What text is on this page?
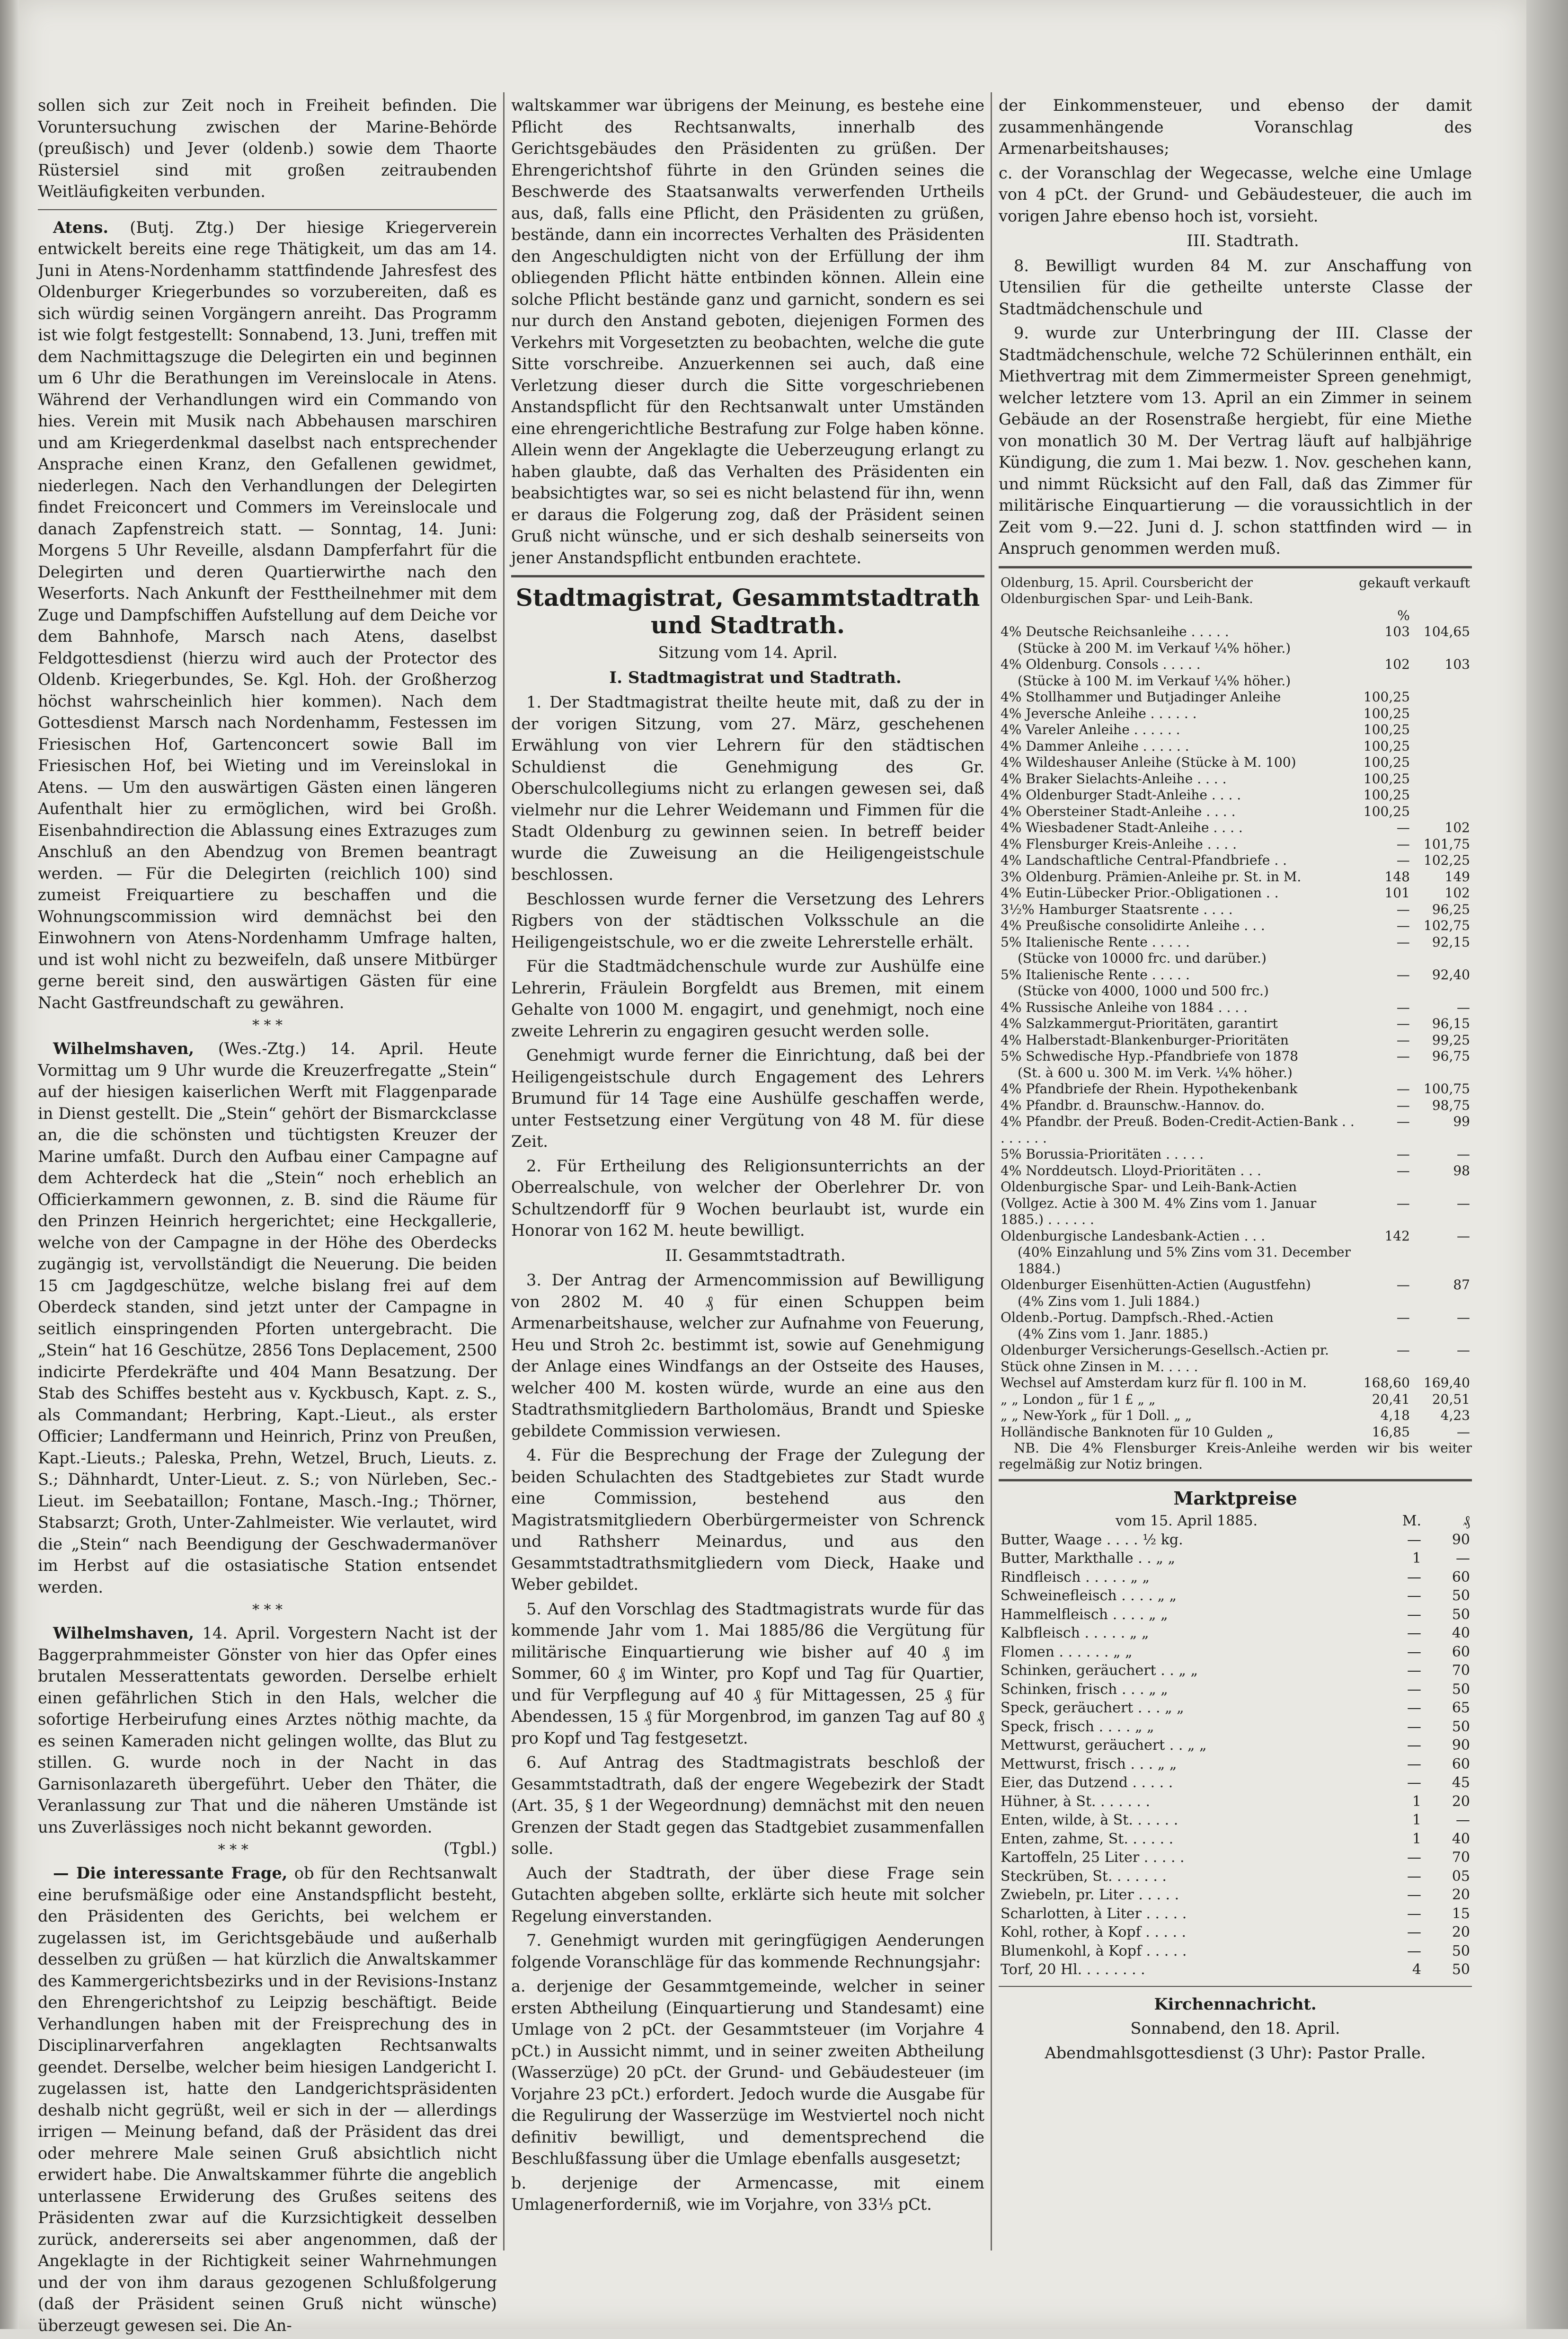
sollen sich zur Zeit noch in Freiheit befinden. Die Voruntersuchung zwischen der Marine-Behörde (preußisch) und Jever (oldenb.) sowie dem Thaorte Rüstersiel sind mit großen zeitraubenden Weitläufigkeiten verbunden.

Atens. (Butj. Ztg.) Der hiesige Kriegerverein entwickelt bereits eine rege Thätigkeit, um das am 14. Juni in Atens-Nordenhamm stattfindende Jahresfest des Oldenburger Kriegerbundes so vorzubereiten, daß es sich würdig seinen Vorgängern anreiht. Das Programm ist wie folgt festgestellt: Sonnabend, 13. Juni, treffen mit dem Nachmittagszuge die Delegirten ein und beginnen um 6 Uhr die Berathungen im Vereinslocale in Atens. Während der Verhandlungen wird ein Commando von hies. Verein mit Musik nach Abbehausen marschiren und am Kriegerdenkmal daselbst nach entsprechender Ansprache einen Kranz, den Gefallenen gewidmet, niederlegen. Nach den Verhandlungen der Delegirten findet Freiconcert und Commers im Vereinslocale und danach Zapfenstreich statt. — Sonntag, 14. Juni: Morgens 5 Uhr Reveille, alsdann Dampferfahrt für die Delegirten und deren Quartierwirthe nach den Weserforts. Nach Ankunft der Festtheilnehmer mit dem Zuge und Dampfschiffen Aufstellung auf dem Deiche vor dem Bahnhofe, Marsch nach Atens, daselbst Feldgottesdienst (hierzu wird auch der Protector des Oldenb. Kriegerbundes, Se. Kgl. Hoh. der Großherzog höchst wahrscheinlich hier kommen). Nach dem Gottesdienst Marsch nach Nordenhamm, Festessen im Friesischen Hof, Gartenconcert sowie Ball im Friesischen Hof, bei Wieting und im Vereinslokal in Atens. — Um den auswärtigen Gästen einen längeren Aufenthalt hier zu ermöglichen, wird bei Großh. Eisenbahndirection die Ablassung eines Extrazuges zum Anschluß an den Abendzug von Bremen beantragt werden. — Für die Delegirten (reichlich 100) sind zumeist Freiquartiere zu beschaffen und die Wohnungscommission wird demnächst bei den Einwohnern von Atens-Nordenhamm Umfrage halten, und ist wohl nicht zu bezweifeln, daß unsere Mitbürger gerne bereit sind, den auswärtigen Gästen für eine Nacht Gastfreundschaft zu gewähren.

* * *

Wilhelmshaven, (Wes.-Ztg.) 14. April. Heute Vormittag um 9 Uhr wurde die Kreuzerfregatte „Stein“ auf der hiesigen kaiserlichen Werft mit Flaggenparade in Dienst gestellt. Die „Stein“ gehört der Bismarckclasse an, die die schönsten und tüchtigsten Kreuzer der Marine umfaßt. Durch den Aufbau einer Campagne auf dem Achterdeck hat die „Stein“ noch erheblich an Officierkammern gewonnen, z. B. sind die Räume für den Prinzen Heinrich hergerichtet; eine Heckgallerie, welche von der Campagne in der Höhe des Oberdecks zugängig ist, vervollständigt die Neuerung. Die beiden 15 cm Jagdgeschütze, welche bislang frei auf dem Oberdeck standen, sind jetzt unter der Campagne in seitlich einspringenden Pforten untergebracht. Die „Stein“ hat 16 Geschütze, 2856 Tons Deplacement, 2500 indicirte Pferdekräfte und 404 Mann Besatzung. Der Stab des Schiffes besteht aus v. Kyckbusch, Kapt. z. S., als Commandant; Herbring, Kapt.-Lieut., als erster Officier; Landfermann und Heinrich, Prinz von Preußen, Kapt.-Lieuts.; Paleska, Prehn, Wetzel, Bruch, Lieuts. z. S.; Dähnhardt, Unter-Lieut. z. S.; von Nürleben, Sec.-Lieut. im Seebataillon; Fontane, Masch.-Ing.; Thörner, Stabsarzt; Groth, Unter-Zahlmeister. Wie verlautet, wird die „Stein“ nach Beendigung der Geschwadermanöver im Herbst auf die ostasiatische Station entsendet werden.

* * *

Wilhelmshaven, 14. April. Vorgestern Nacht ist der Baggerprahmmeister Gönster von hier das Opfer eines brutalen Messerattentats geworden. Derselbe erhielt einen gefährlichen Stich in den Hals, welcher die sofortige Herbeirufung eines Arztes nöthig machte, da es seinen Kameraden nicht gelingen wollte, das Blut zu stillen. G. wurde noch in der Nacht in das Garnisonlazareth übergeführt. Ueber den Thäter, die Veranlassung zur That und die näheren Umstände ist uns Zuverlässiges noch nicht bekannt geworden.
(Tgbl.)

* * *

— Die interessante Frage, ob für den Rechtsanwalt eine berufsmäßige oder eine Anstandspflicht besteht, den Präsidenten des Gerichts, bei welchem er zugelassen ist, im Gerichtsgebäude und außerhalb desselben zu grüßen — hat kürzlich die Anwaltskammer des Kammergerichtsbezirks und in der Revisions-Instanz den Ehrengerichtshof zu Leipzig beschäftigt. Beide Verhandlungen haben mit der Freisprechung des in Disciplinarverfahren angeklagten Rechtsanwalts geendet. Derselbe, welcher beim hiesigen Landgericht I. zugelassen ist, hatte den Landgerichtspräsidenten deshalb nicht gegrüßt, weil er sich in der — allerdings irrigen — Meinung befand, daß der Präsident das drei oder mehrere Male seinen Gruß absichtlich nicht erwidert habe. Die Anwaltskammer führte die angeblich unterlassene Erwiderung des Grußes seitens des Präsidenten zwar auf die Kurzsichtigkeit desselben zurück, andererseits sei aber angenommen, daß der Angeklagte in der Richtigkeit seiner Wahrnehmungen und der von ihm daraus gezogenen Schlußfolgerung (daß der Präsident seinen Gruß nicht wünsche) überzeugt gewesen sei. Die An-

waltskammer war übrigens der Meinung, es bestehe eine Pflicht des Rechtsanwalts, innerhalb des Gerichtsgebäudes den Präsidenten zu grüßen. Der Ehrengerichtshof führte in den Gründen seines die Beschwerde des Staatsanwalts verwerfenden Urtheils aus, daß, falls eine Pflicht, den Präsidenten zu grüßen, bestände, dann ein incorrectes Verhalten des Präsidenten den Angeschuldigten nicht von der Erfüllung der ihm obliegenden Pflicht hätte entbinden können. Allein eine solche Pflicht bestände ganz und garnicht, sondern es sei nur durch den Anstand geboten, diejenigen Formen des Verkehrs mit Vorgesetzten zu beobachten, welche die gute Sitte vorschreibe. Anzuerkennen sei auch, daß eine Verletzung dieser durch die Sitte vorgeschriebenen Anstandspflicht für den Rechtsanwalt unter Umständen eine ehrengerichtliche Bestrafung zur Folge haben könne. Allein wenn der Angeklagte die Ueberzeugung erlangt zu haben glaubte, daß das Verhalten des Präsidenten ein beabsichtigtes war, so sei es nicht belastend für ihn, wenn er daraus die Folgerung zog, daß der Präsident seinen Gruß nicht wünsche, und er sich deshalb seinerseits von jener Anstandspflicht entbunden erachtete.

Stadtmagistrat, Gesammtstadtrath und Stadtrath.

Sitzung vom 14. April.

I. Stadtmagistrat und Stadtrath.

1. Der Stadtmagistrat theilte heute mit, daß zu der in der vorigen Sitzung, vom 27. März, geschehenen Erwählung von vier Lehrern für den städtischen Schuldienst die Genehmigung des Gr. Oberschulcollegiums nicht zu erlangen gewesen sei, daß vielmehr nur die Lehrer Weidemann und Fimmen für die Stadt Oldenburg zu gewinnen seien. In betreff beider wurde die Zuweisung an die Heiligengeistschule beschlossen.

Beschlossen wurde ferner die Versetzung des Lehrers Rigbers von der städtischen Volksschule an die Heiligengeistschule, wo er die zweite Lehrerstelle erhält.

Für die Stadtmädchenschule wurde zur Aushülfe eine Lehrerin, Fräulein Borgfeldt aus Bremen, mit einem Gehalte von 1000 M. engagirt, und genehmigt, noch eine zweite Lehrerin zu engagiren gesucht werden solle.

Genehmigt wurde ferner die Einrichtung, daß bei der Heiligengeistschule durch Engagement des Lehrers Brumund für 14 Tage eine Aushülfe geschaffen werde, unter Festsetzung einer Vergütung von 48 M. für diese Zeit.

2. Für Ertheilung des Religionsunterrichts an der Oberrealschule, von welcher der Oberlehrer Dr. von Schultzendorff für 9 Wochen beurlaubt ist, wurde ein Honorar von 162 M. heute bewilligt.

II. Gesammtstadtrath.

3. Der Antrag der Armencommission auf Bewilligung von 2802 M. 40 ₰ für einen Schuppen beim Armenarbeitshause, welcher zur Aufnahme von Feuerung, Heu und Stroh 2c. bestimmt ist, sowie auf Genehmigung der Anlage eines Windfangs an der Ostseite des Hauses, welcher 400 M. kosten würde, wurde an eine aus den Stadtrathsmitgliedern Bartholomäus, Brandt und Spieske gebildete Commission verwiesen.

4. Für die Besprechung der Frage der Zulegung der beiden Schulachten des Stadtgebietes zur Stadt wurde eine Commission, bestehend aus den Magistratsmitgliedern Oberbürgermeister von Schrenck und Rathsherr Meinardus, und aus den Gesammtstadtrathsmitgliedern vom Dieck, Haake und Weber gebildet.

5. Auf den Vorschlag des Stadtmagistrats wurde für das kommende Jahr vom 1. Mai 1885/86 die Vergütung für militärische Einquartierung wie bisher auf 40 ₰ im Sommer, 60 ₰ im Winter, pro Kopf und Tag für Quartier, und für Verpflegung auf 40 ₰ für Mittagessen, 25 ₰ für Abendessen, 15 ₰ für Morgenbrod, im ganzen Tag auf 80 ₰ pro Kopf und Tag festgesetzt.

6. Auf Antrag des Stadtmagistrats beschloß der Gesammtstadtrath, daß der engere Wegebezirk der Stadt (Art. 35, § 1 der Wegeordnung) demnächst mit den neuen Grenzen der Stadt gegen das Stadtgebiet zusammenfallen solle.

Auch der Stadtrath, der über diese Frage sein Gutachten abgeben sollte, erklärte sich heute mit solcher Regelung einverstanden.

7. Genehmigt wurden mit geringfügigen Aenderungen folgende Voranschläge für das kommende Rechnungsjahr:

a. derjenige der Gesammtgemeinde, welcher in seiner ersten Abtheilung (Einquartierung und Standesamt) eine Umlage von 2 pCt. der Gesammtsteuer (im Vorjahre 4 pCt.) in Aussicht nimmt, und in seiner zweiten Abtheilung (Wasserzüge) 20 pCt. der Grund- und Gebäudesteuer (im Vorjahre 23 pCt.) erfordert. Jedoch wurde die Ausgabe für die Regulirung der Wasserzüge im Westviertel noch nicht definitiv bewilligt, und dementsprechend die Beschlußfassung über die Umlage ebenfalls ausgesetzt;

b. derjenige der Armencasse, mit einem Umlagenerforderniß, wie im Vorjahre, von 33⅓ pCt.

der Einkommensteuer, und ebenso der damit zusammenhängende Voranschlag des Armenarbeitshauses;

c. der Voranschlag der Wegecasse, welche eine Umlage von 4 pCt. der Grund- und Gebäudesteuer, die auch im vorigen Jahre ebenso hoch ist, vorsieht.

III. Stadtrath.

8. Bewilligt wurden 84 M. zur Anschaffung von Utensilien für die getheilte unterste Classe der Stadtmädchenschule und

9. wurde zur Unterbringung der III. Classe der Stadtmädchenschule, welche 72 Schülerinnen enthält, ein Miethvertrag mit dem Zimmermeister Spreen genehmigt, welcher letztere vom 13. April an ein Zimmer in seinem Gebäude an der Rosenstraße hergiebt, für eine Miethe von monatlich 30 M. Der Vertrag läuft auf halbjährige Kündigung, die zum 1. Mai bezw. 1. Nov. geschehen kann, und nimmt Rücksicht auf den Fall, daß das Zimmer für militärische Einquartierung — die voraussichtlich in der Zeit vom 9.—22. Juni d. J. schon stattfinden wird — in Anspruch genommen werden muß.

Oldenburg, 15. April. Coursbericht der Oldenburgischen Spar- und Leih-Bank.	gekauft	verkauft
	%	
4% Deutsche Reichsanleihe . . . . .	103	104,65
(Stücke à 200 M. im Verkauf ¼% höher.)		
4% Oldenburg. Consols . . . . .	102	103
(Stücke à 100 M. im Verkauf ¼% höher.)		
4% Stollhammer und Butjadinger Anleihe	100,25	
4% Jeversche Anleihe . . . . . .	100,25	
4% Vareler Anleihe . . . . . .	100,25	
4% Dammer Anleihe . . . . . .	100,25	
4% Wildeshauser Anleihe (Stücke à M. 100)	100,25	
4% Braker Sielachts-Anleihe . . . .	100,25	
4% Oldenburger Stadt-Anleihe . . . .	100,25	
4% Obersteiner Stadt-Anleihe . . . .	100,25	
4% Wiesbadener Stadt-Anleihe . . . .	—	102
4% Flensburger Kreis-Anleihe . . . .	—	101,75
4% Landschaftliche Central-Pfandbriefe . .	—	102,25
3% Oldenburg. Prämien-Anleihe pr. St. in M.	148	149
4% Eutin-Lübecker Prior.-Obligationen . .	101	102
3½% Hamburger Staatsrente . . . .	—	96,25
4% Preußische consolidirte Anleihe . . .	—	102,75
5% Italienische Rente . . . . .	—	92,15
(Stücke von 10000 frc. und darüber.)		
5% Italienische Rente . . . . .	—	92,40
(Stücke von 4000, 1000 und 500 frc.)		
4% Russische Anleihe von 1884 . . . .	—	—
4% Salzkammergut-Prioritäten, garantirt	—	96,15
4% Halberstadt-Blankenburger-Prioritäten	—	99,25
5% Schwedische Hyp.-Pfandbriefe von 1878	—	96,75
(St. à 600 u. 300 M. im Verk. ¼% höher.)		
4% Pfandbriefe der Rhein. Hypothekenbank	—	100,75
4% Pfandbr. d. Braunschw.-Hannov. do.	—	98,75
4% Pfandbr. der Preuß. Boden-Credit-Actien-Bank . . . . . . . .	—	99
5% Borussia-Prioritäten . . . . .	—	—
4% Norddeutsch. Lloyd-Prioritäten . . .	—	98
Oldenburgische Spar- und Leih-Bank-Actien		
(Vollgez. Actie à 300 M. 4% Zins vom 1. Januar 1885.) . . . . . .	—	—
Oldenburgische Landesbank-Actien . . .	142	—
(40% Einzahlung und 5% Zins vom 31. December 1884.)		
Oldenburger Eisenhütten-Actien (Augustfehn)	—	87
(4% Zins vom 1. Juli 1884.)		
Oldenb.-Portug. Dampfsch.-Rhed.-Actien	—	—
(4% Zins vom 1. Janr. 1885.)		
Oldenburger Versicherungs-Gesellsch.-Actien pr. Stück ohne Zinsen in M. . . . .	—	—
Wechsel auf Amsterdam kurz für fl. 100 in M.	168,60	169,40
„ „ London „ für 1 £ „ „	20,41	20,51
„ „ New-York „ für 1 Doll. „ „	4,18	4,23
Holländische Banknoten für 10 Gulden „	16,85	—

NB. Die 4% Flensburger Kreis-Anleihe werden wir bis weiter regelmäßig zur Notiz bringen.

Marktpreise
vom 15. April 1885.	M.	₰
Butter, Waage . . . . ½ kg.	—	90
Butter, Markthalle . . „ „	1	—
Rindfleisch . . . . . „ „	—	60
Schweinefleisch . . . . „ „	—	50
Hammelfleisch . . . . „ „	—	50
Kalbfleisch . . . . . „ „	—	40
Flomen . . . . . . „ „	—	60
Schinken, geräuchert . . „ „	—	70
Schinken, frisch . . . „ „	—	50
Speck, geräuchert . . . „ „	—	65
Speck, frisch . . . . „ „	—	50
Mettwurst, geräuchert . . „ „	—	90
Mettwurst, frisch . . . „ „	—	60
Eier, das Dutzend . . . . .	—	45
Hühner, à St. . . . . . .	1	20
Enten, wilde, à St. . . . . .	1	—
Enten, zahme, St. . . . . .	1	40
Kartoffeln, 25 Liter . . . . .	—	70
Steckrüben, St. . . . . . .	—	05
Zwiebeln, pr. Liter . . . . .	—	20
Scharlotten, à Liter . . . . .	—	15
Kohl, rother, à Kopf . . . . .	—	20
Blumenkohl, à Kopf . . . . .	—	50
Torf, 20 Hl. . . . . . . .	4	50

Kirchennachricht.

Sonnabend, den 18. April.

Abendmahlsgottesdienst (3 Uhr): Pastor Pralle.
